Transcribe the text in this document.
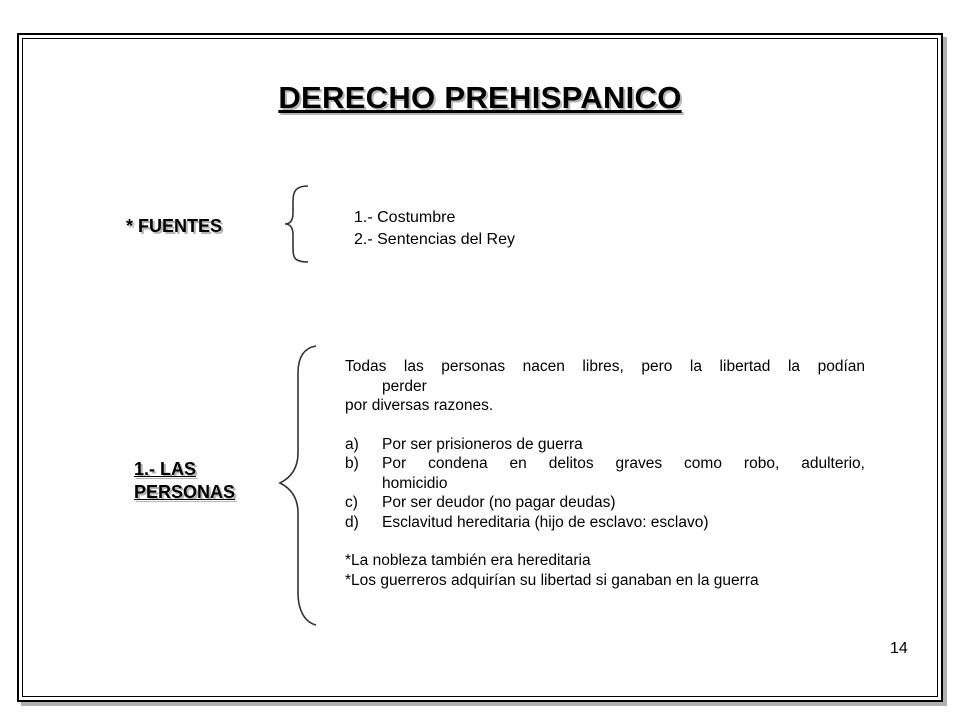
DERECHO PREHISPANICO
* FUENTES	1.- Costumbre
2.- Sentencias del Rey
1.- LAS
PERSONAS
Todas las personas nacen libres, pero la libertad la podían
perder
por diversas razones.
a)	Por ser prisioneros de guerra
b)	Por condena en delitos graves como robo, adulterio,
homicidio
c)	Por ser deudor (no pagar deudas)
d)	Esclavitud hereditaria (hijo de esclavo: esclavo)
*La nobleza también era hereditaria
*Los guerreros adquirían su libertad si ganaban en la guerra
14
